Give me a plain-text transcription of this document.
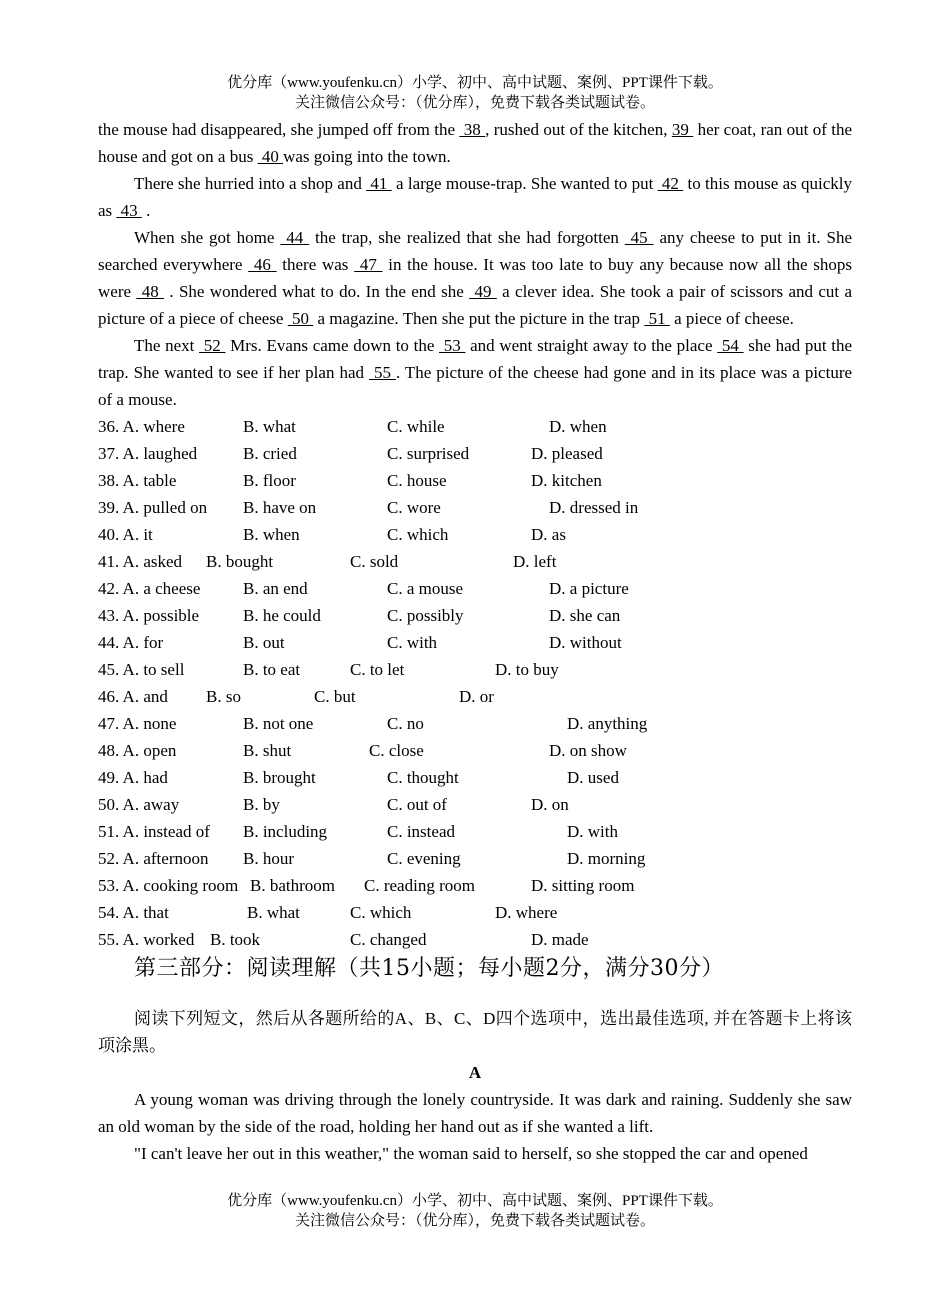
优分库（www.youfenku.cn）小学、初中、高中试题、案例、PPT课件下载。
关注微信公众号：（优分库），免费下载各类试题试卷。

the mouse had disappeared, she jumped off from the  38 , rushed out of the kitchen, 39  her coat, ran out of the house and got on a bus  40 was going into the town.

There she hurried into a shop and  41  a large mouse-trap. She wanted to put  42  to this mouse as quickly as  43  .

When she got home  44  the trap, she realized that she had forgotten  45  any cheese to put in it. She searched everywhere  46  there was  47  in the house. It was too late to buy any because now all the shops were  48  . She wondered what to do. In the end she  49  a clever idea. She took a pair of scissors and cut a picture of a piece of cheese  50  a magazine. Then she put the picture in the trap  51  a piece of cheese.

The next  52  Mrs. Evans came down to the  53  and went straight away to the place  54  she had put the trap. She wanted to see if her plan had  55 . The picture of the cheese had gone and in its place was a picture of a mouse.

36. A. where	B. what	C. while	D. when
37. A. laughed	B. cried	C. surprised	D. pleased
38. A. table	B. floor	C. house	D. kitchen
39. A. pulled on B. have on	C. wore	D. dressed in
40. A. it	B. when	C. which	D. as
41. A. asked B. bought	C. sold	D. left
42. A. a cheese	B. an end	C. a mouse	D. a picture
43. A. possible	B. he could	C. possibly	D. she can
44. A. for	B. out	C. with	D. without
45. A. to sell	B. to eat	C. to let	D. to buy
46. A. and B. so	C. but	D. or
47. A. none	B. not one	C. no	D. anything
48. A. open	B. shut	C. close	D. on show
49. A. had	B. brought	C. thought	D. used
50. A. away	B. by	C. out of	D. on
51. A. instead of B. including	C. instead	D. with
52. A. afternoon B. hour	C. evening	D. morning
53. A. cooking room B. bathroom C. reading room	D. sitting room
54. A. that	B. what	C. which	D. where
55. A. worked B. took	C. changed	D. made

第三部分：阅读理解（共15小题；每小题2分，满分30分）

阅读下列短文，然后从各题所给的A、B、C、D四个选项中，选出最佳选项, 并在答题卡上将该项涂黑。

A

A young woman was driving through the lonely countryside. It was dark and raining. Suddenly she saw an old woman by the side of the road, holding her hand out as if she wanted a lift.

"I can't leave her out in this weather," the woman said to herself, so she stopped the car and opened

优分库（www.youfenku.cn）小学、初中、高中试题、案例、PPT课件下载。
关注微信公众号：（优分库），免费下载各类试题试卷。
